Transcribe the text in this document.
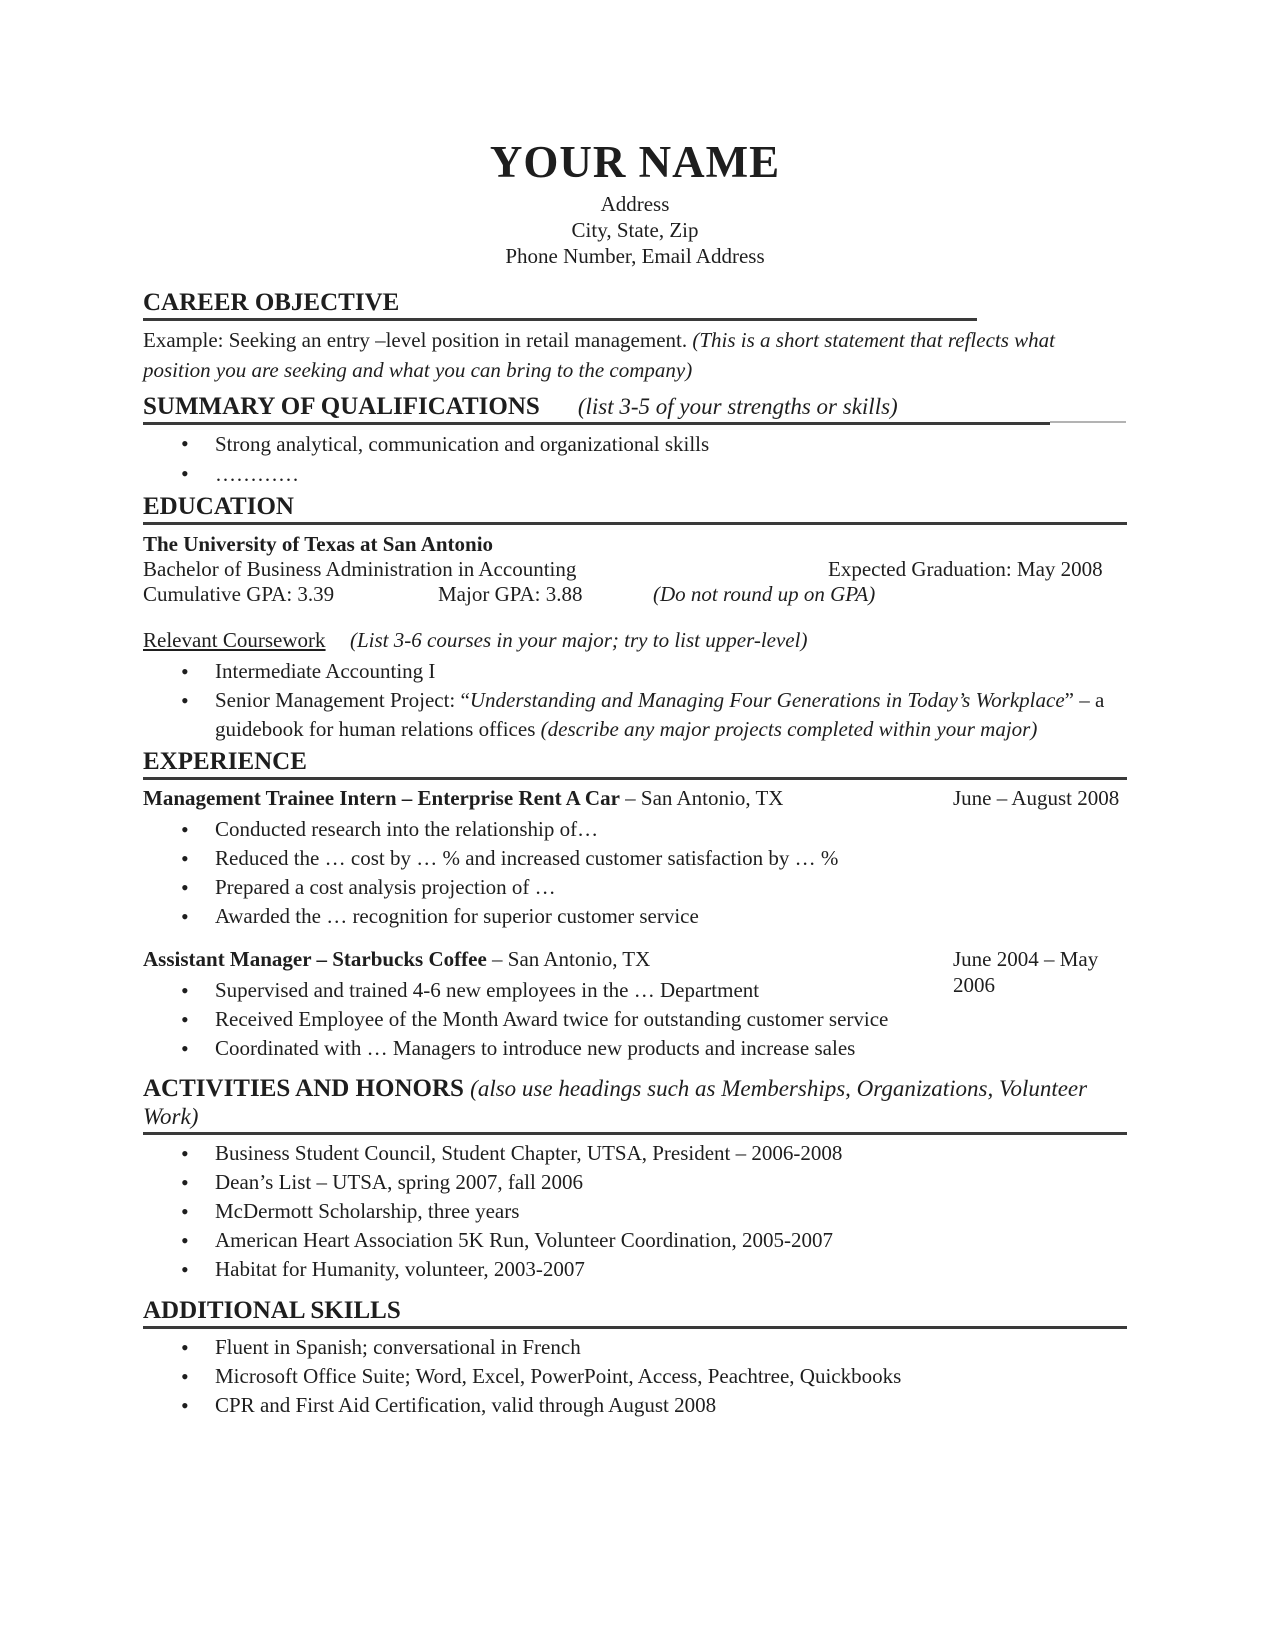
YOUR NAME
Address
City, State, Zip
Phone Number, Email Address
CAREER OBJECTIVE
Example: Seeking an entry –level position in retail management. (This is a short statement that reflects what position you are seeking and what you can bring to the company)
SUMMARY OF QUALIFICATIONS (list 3-5 of your strengths or skills)
• Strong analytical, communication and organizational skills
• …………
EDUCATION
The University of Texas at San Antonio
Bachelor of Business Administration in Accounting	Expected Graduation: May 2008
Cumulative GPA: 3.39	Major GPA: 3.88	(Do not round up on GPA)
Relevant Coursework (List 3-6 courses in your major; try to list upper-level)
• Intermediate Accounting I
• Senior Management Project: “Understanding and Managing Four Generations in Today’s Workplace” – a guidebook for human relations offices (describe any major projects completed within your major)
EXPERIENCE
Management Trainee Intern – Enterprise Rent A Car – San Antonio, TX	June – August 2008
• Conducted research into the relationship of…
• Reduced the … cost by … % and increased customer satisfaction by … %
• Prepared a cost analysis projection of …
• Awarded the … recognition for superior customer service
Assistant Manager – Starbucks Coffee – San Antonio, TX	June 2004 – May 2006
• Supervised and trained 4-6 new employees in the … Department
• Received Employee of the Month Award twice for outstanding customer service
• Coordinated with … Managers to introduce new products and increase sales
ACTIVITIES AND HONORS (also use headings such as Memberships, Organizations, Volunteer Work)
• Business Student Council, Student Chapter, UTSA, President – 2006-2008
• Dean’s List – UTSA, spring 2007, fall 2006
• McDermott Scholarship, three years
• American Heart Association 5K Run, Volunteer Coordination, 2005-2007
• Habitat for Humanity, volunteer, 2003-2007
ADDITIONAL SKILLS
• Fluent in Spanish; conversational in French
• Microsoft Office Suite; Word, Excel, PowerPoint, Access, Peachtree, Quickbooks
• CPR and First Aid Certification, valid through August 2008
